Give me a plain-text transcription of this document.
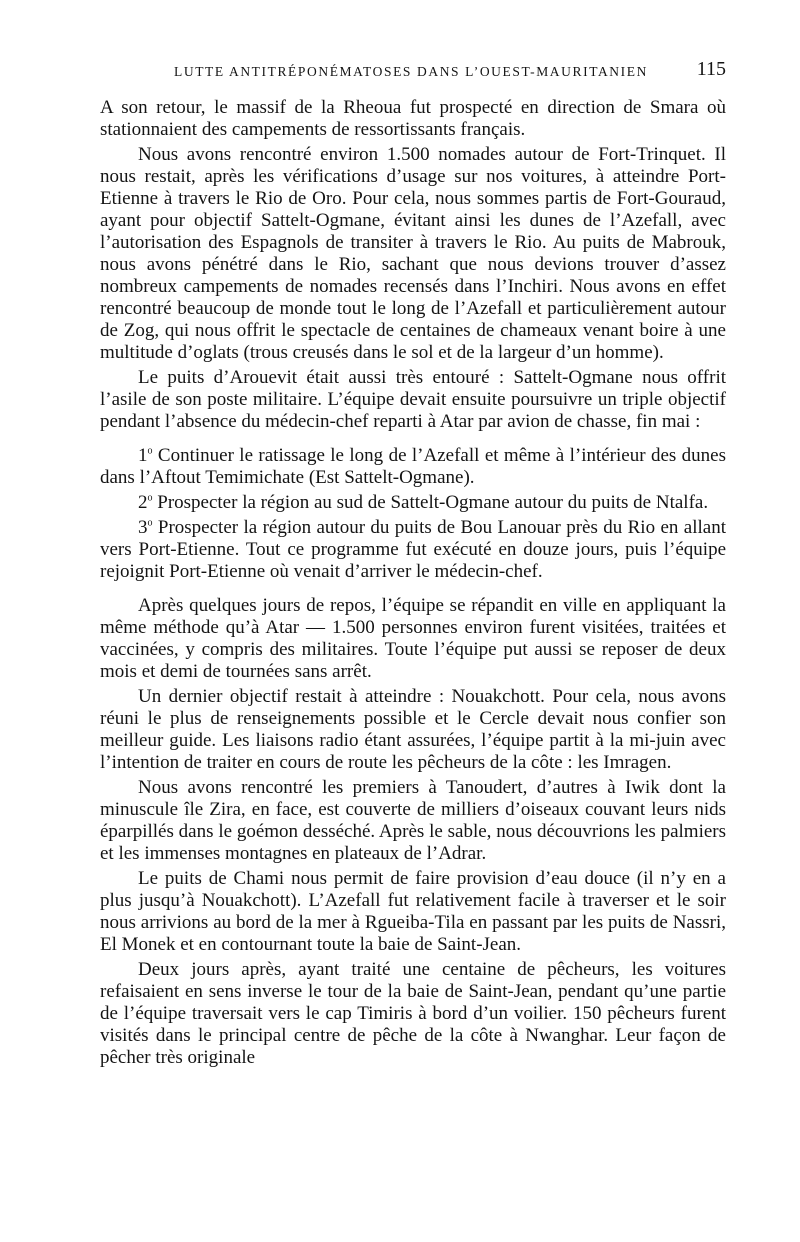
LUTTE ANTITRÉPONÉMATOSES DANS L’OUEST-MAURITANIEN 115

A son retour, le massif de la Rheoua fut prospecté en direction de Smara où stationnaient des campements de ressortissants français.

Nous avons rencontré environ 1.500 nomades autour de Fort-Trinquet. Il nous restait, après les vérifications d’usage sur nos voitures, à atteindre Port-Etienne à travers le Rio de Oro. Pour cela, nous sommes partis de Fort-Gouraud, ayant pour objectif Sattelt-Ogmane, évitant ainsi les dunes de l’Azefall, avec l’autorisation des Espagnols de transiter à travers le Rio. Au puits de Mabrouk, nous avons pénétré dans le Rio, sachant que nous devions trouver d’assez nombreux campements de nomades recensés dans l’Inchiri. Nous avons en effet rencontré beaucoup de monde tout le long de l’Azefall et particulièrement autour de Zog, qui nous offrit le spectacle de centaines de chameaux venant boire à une multitude d’oglats (trous creusés dans le sol et de la largeur d’un homme).

Le puits d’Arouevit était aussi très entouré : Sattelt-Ogmane nous offrit l’asile de son poste militaire. L’équipe devait ensuite poursuivre un triple objectif pendant l’absence du médecin-chef reparti à Atar par avion de chasse, fin mai :

1$^o$ Continuer le ratissage le long de l’Azefall et même à l’intérieur des dunes dans l’Aftout Temimichate (Est Sattelt-Ogmane).

2$^o$ Prospecter la région au sud de Sattelt-Ogmane autour du puits de Ntalfa.

3$^o$ Prospecter la région autour du puits de Bou Lanouar près du Rio en allant vers Port-Etienne. Tout ce programme fut exécuté en douze jours, puis l’équipe rejoignit Port-Etienne où venait d’arriver le médecin-chef.

Après quelques jours de repos, l’équipe se répandit en ville en appliquant la même méthode qu’à Atar — 1.500 personnes environ furent visitées, traitées et vaccinées, y compris des militaires. Toute l’équipe put aussi se reposer de deux mois et demi de tournées sans arrêt.

Un dernier objectif restait à atteindre : Nouakchott. Pour cela, nous avons réuni le plus de renseignements possible et le Cercle devait nous confier son meilleur guide. Les liaisons radio étant assurées, l’équipe partit à la mi-juin avec l’intention de traiter en cours de route les pêcheurs de la côte : les Imragen.

Nous avons rencontré les premiers à Tanoudert, d’autres à Iwik dont la minuscule île Zira, en face, est couverte de milliers d’oiseaux couvant leurs nids éparpillés dans le goémon desséché. Après le sable, nous découvrions les palmiers et les immenses montagnes en plateaux de l’Adrar.

Le puits de Chami nous permit de faire provision d’eau douce (il n’y en a plus jusqu’à Nouakchott). L’Azefall fut relativement facile à traverser et le soir nous arrivions au bord de la mer à Rgueiba-Tila en passant par les puits de Nassri, El Monek et en contournant toute la baie de Saint-Jean.

Deux jours après, ayant traité une centaine de pêcheurs, les voitures refaisaient en sens inverse le tour de la baie de Saint-Jean, pendant qu’une partie de l’équipe traversait vers le cap Timiris à bord d’un voilier. 150 pêcheurs furent visités dans le principal centre de pêche de la côte à Nwanghar. Leur façon de pêcher très originale
